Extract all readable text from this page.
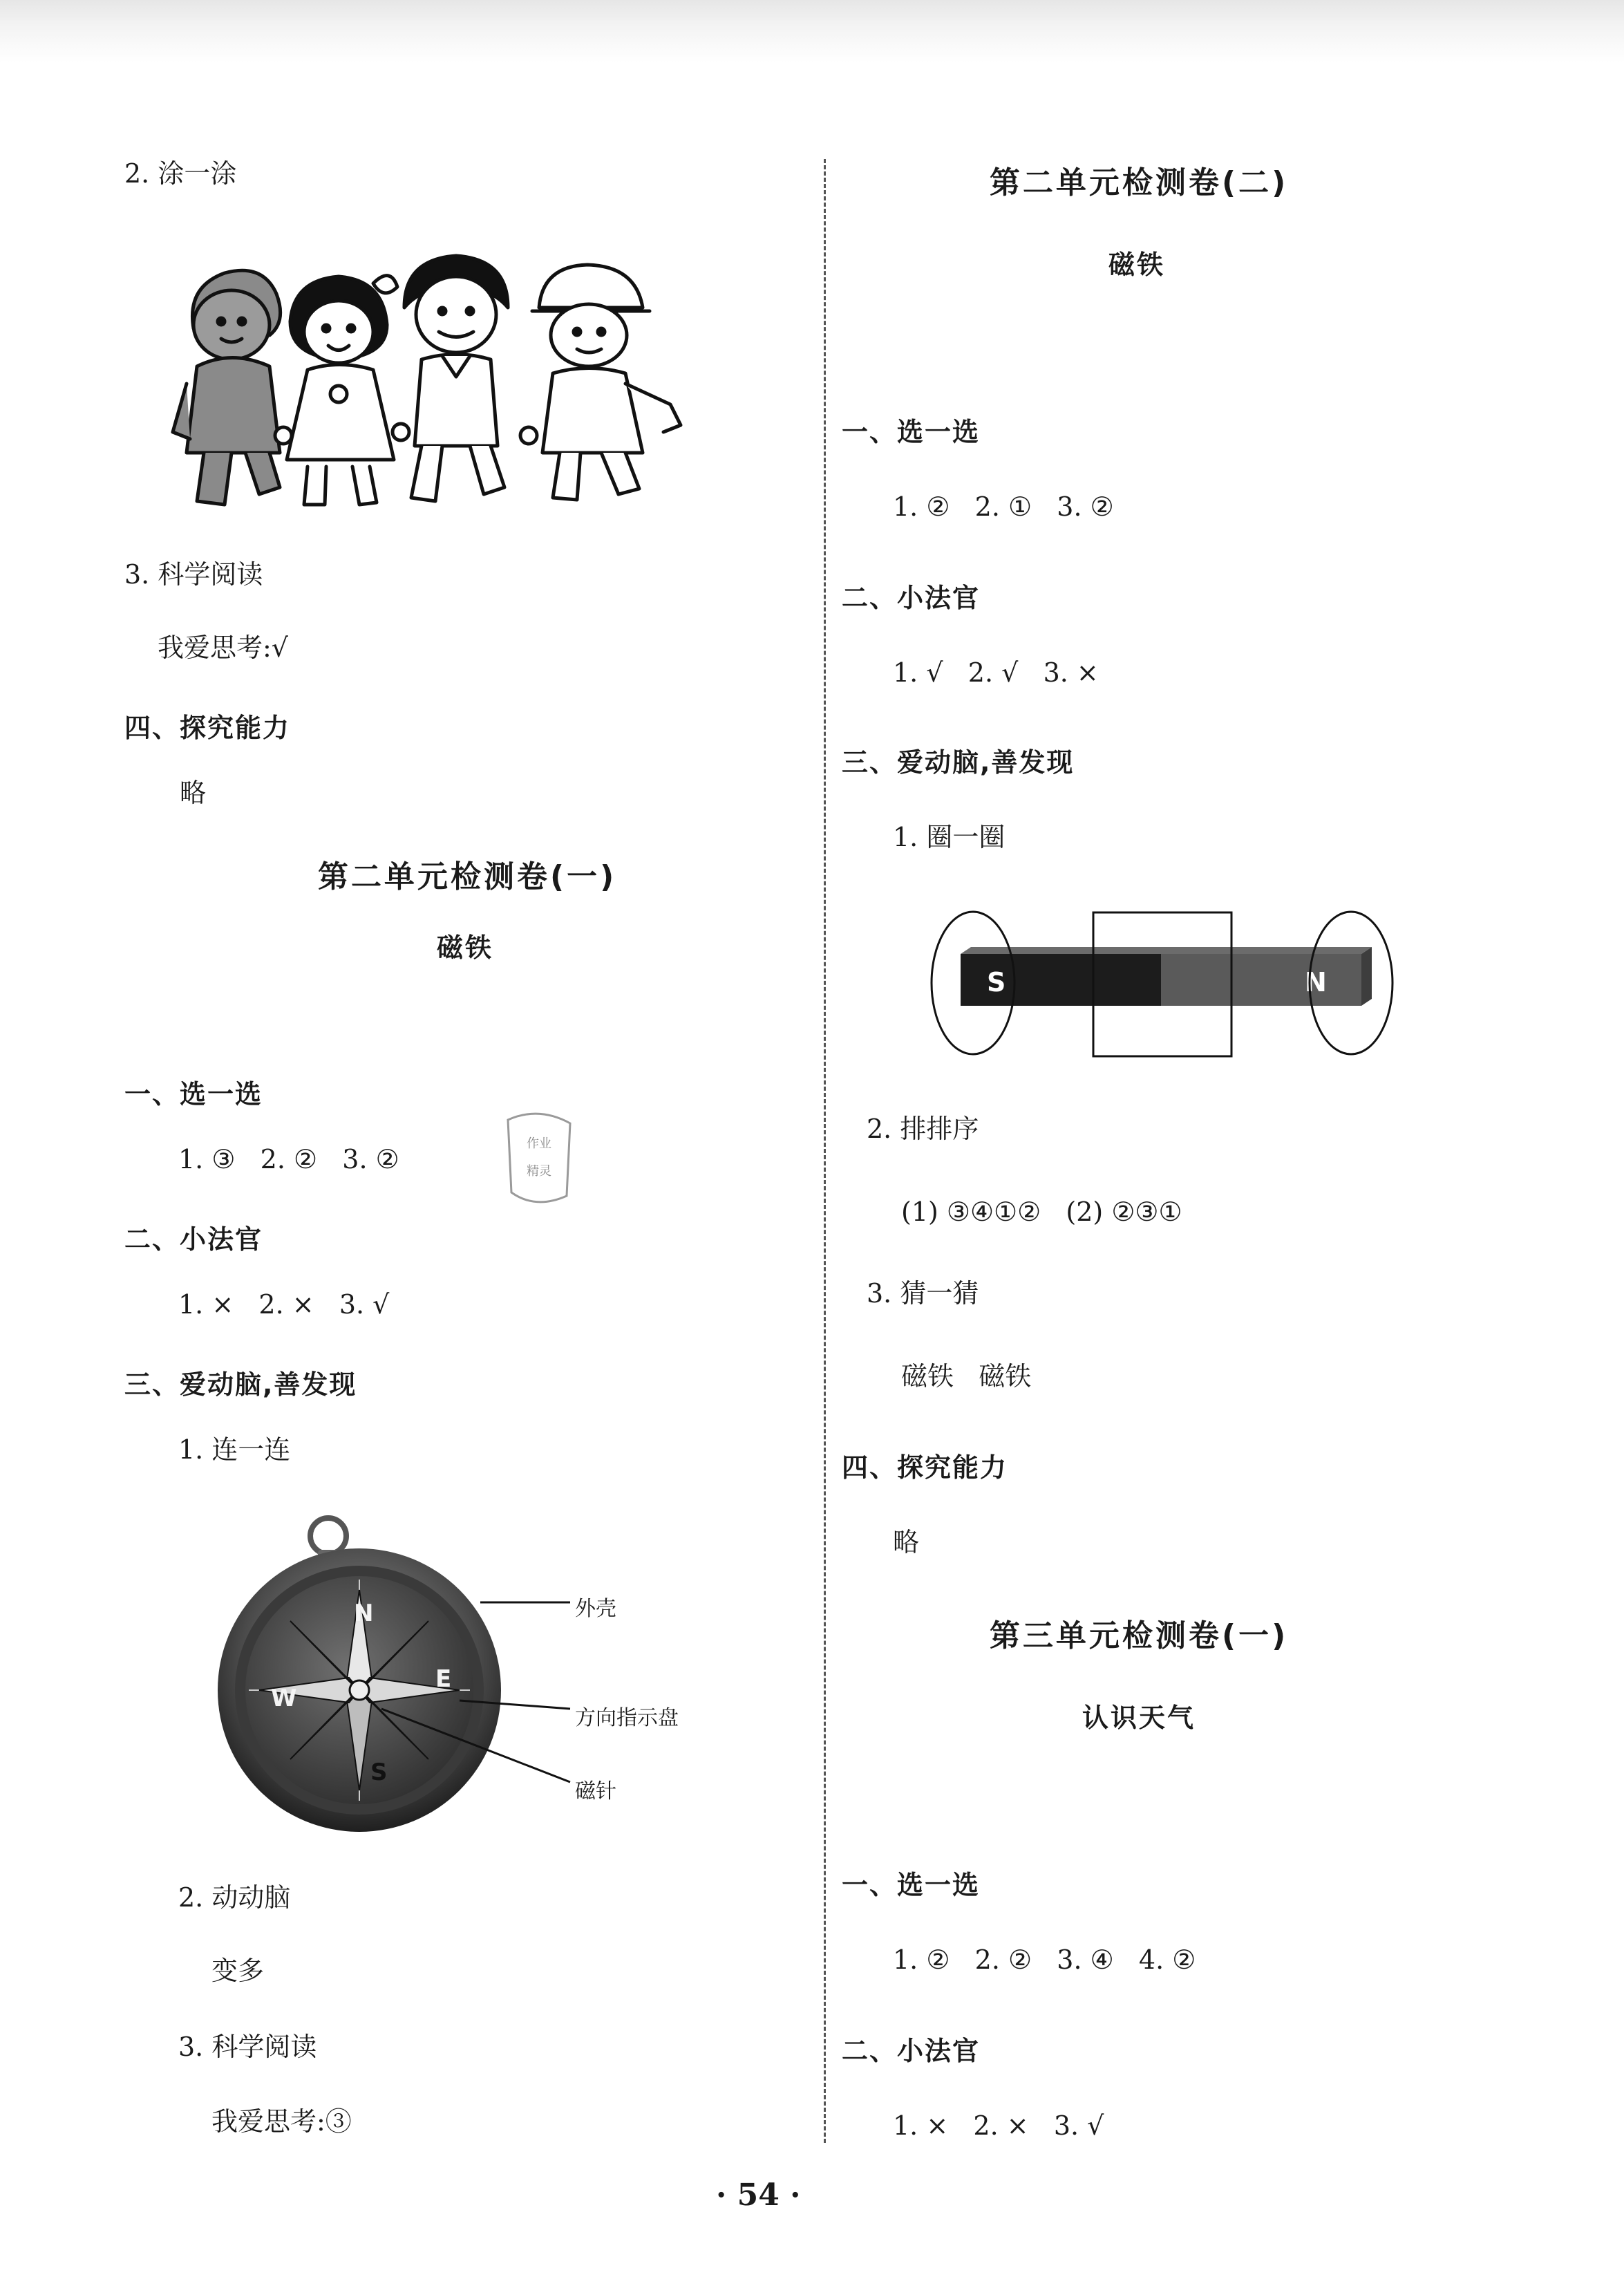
2. 涂一涂
3. 科学阅读
我爱思考:√
四、探究能力
略
第二单元检测卷(一)
磁铁
一、选一选
1. ③   2. ②   3. ②
作业
精灵
二、小法官
1. ×   2. ×   3. √
三、爱动脑,善发现
1. 连一连
N
E
S
W
外壳
方向指示盘
磁针
2. 动动脑
变多
3. 科学阅读
我爱思考:③
第二单元检测卷(二)
磁铁
一、选一选
1. ②   2. ①   3. ②
二、小法官
1. √   2. √   3. ×
三、爱动脑,善发现
1. 圈一圈
S	N
2. 排排序
(1) ③④①②   (2) ②③①
3. 猜一猜
磁铁   磁铁
四、探究能力
略
第三单元检测卷(一)
认识天气
一、选一选
1. ②   2. ②   3. ④   4. ②
二、小法官
1. ×   2. ×   3. √
· 54 ·
